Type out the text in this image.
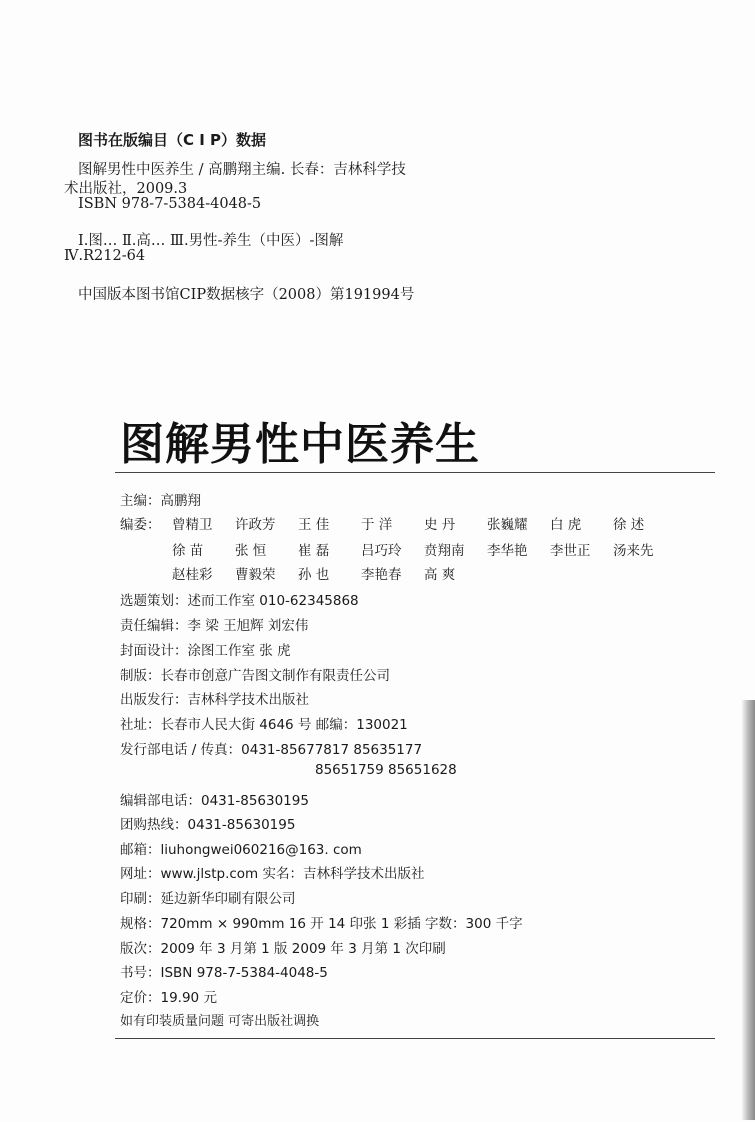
图书在版编目（C I P）数据
图解男性中医养生 / 高鹏翔主编. 长春：吉林科学技
术出版社，2009.3
ISBN 978-7-5384-4048-5
Ⅰ.图… Ⅱ.高… Ⅲ.男性-养生（中医）-图解
Ⅳ.R212-64
中国版本图书馆CIP数据核字（2008）第191994号
图解男性中医养生
主编：高鹏翔
编委： 曾精卫	许政芳	王 佳	于 洋	史 丹	张巍耀	白 虎	徐 述
徐 苗	张 恒	崔 磊	吕巧玲	贲翔南	李华艳	李世正	汤来先
赵桂彩	曹毅荣	孙 也	李艳春	高 爽
选题策划：述而工作室 010-62345868
责任编辑：李 梁 王旭辉 刘宏伟
封面设计：涂图工作室 张 虎
制版：长春市创意广告图文制作有限责任公司
出版发行：吉林科学技术出版社
社址：长春市人民大街 4646 号 邮编：130021
发行部电话 / 传真：0431-85677817 85635177
85651759 85651628
编辑部电话：0431-85630195
团购热线：0431-85630195
邮箱：liuhongwei060216@163. com
网址：www.jlstp.com 实名：吉林科学技术出版社
印刷：延边新华印刷有限公司
规格：720mm × 990mm 16 开 14 印张 1 彩插 字数：300 千字
版次：2009 年 3 月第 1 版 2009 年 3 月第 1 次印刷
书号：ISBN 978-7-5384-4048-5
定价：19.90 元
如有印装质量问题 可寄出版社调换
